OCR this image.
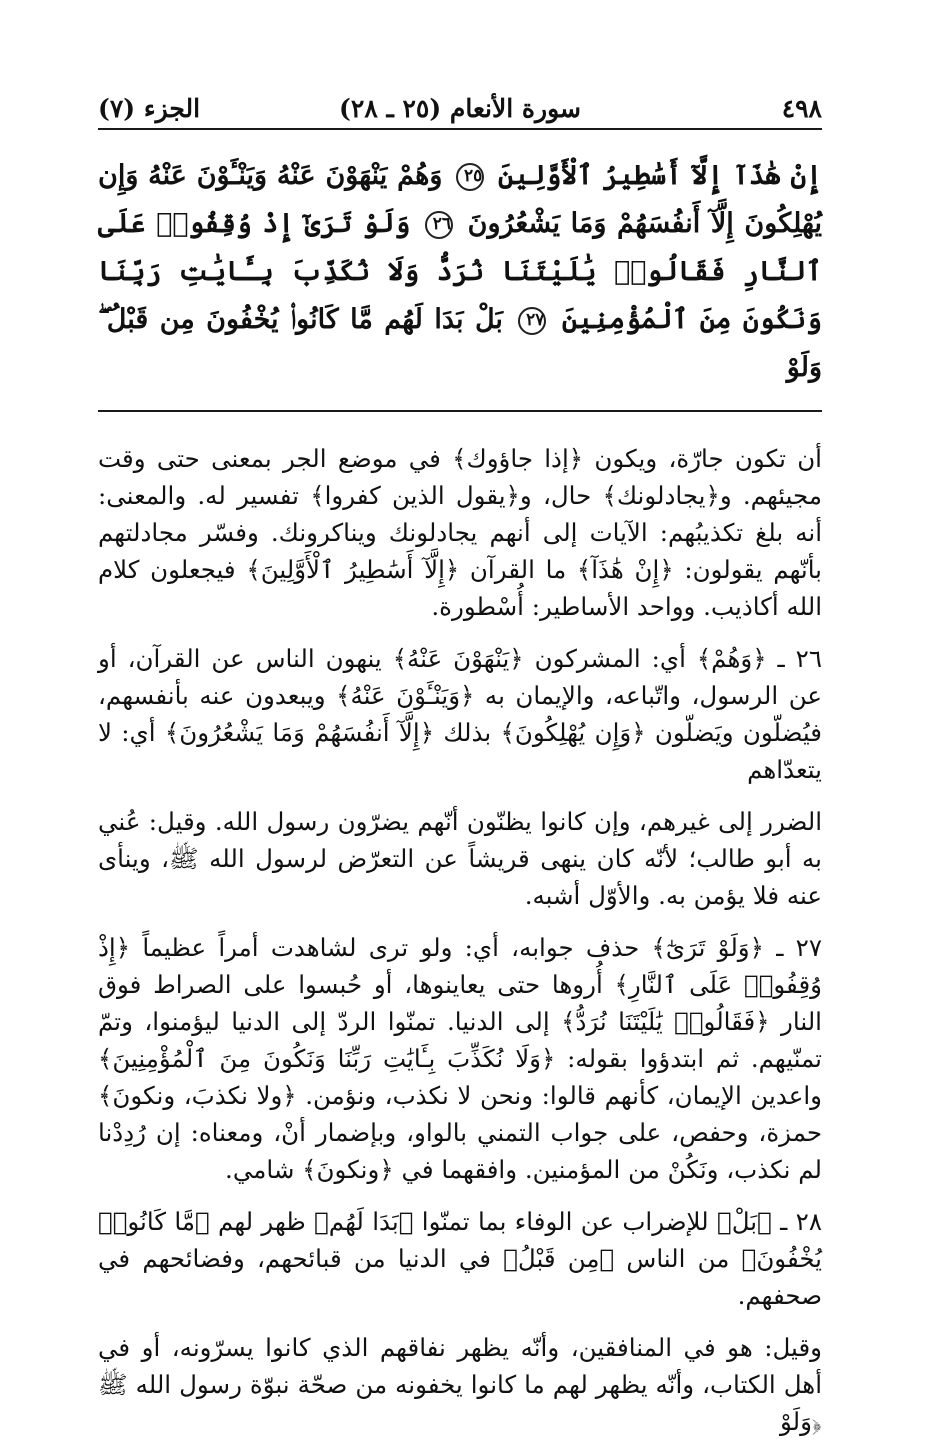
٤٩٨
سورة الأنعام (٢٥ ـ ٢٨)
الجزء (٧)
إِنْ هَٰذَآ إِلَّآ أَسَٰطِيرُ ٱلْأَوَّلِينَ ٢٥ وَهُمْ يَنْهَوْنَ عَنْهُ وَيَنْـَٔوْنَ عَنْهُ وَإِن يُهْلِكُونَ إِلَّآ أَنفُسَهُمْ وَمَا يَشْعُرُونَ ٢٦ وَلَوْ تَرَىٰٓ إِذْ وُقِفُوا۟ عَلَى ٱلنَّارِ فَقَالُوا۟ يَٰلَيْتَنَا نُرَدُّ وَلَا نُكَذِّبَ بِـَٔايَٰتِ رَبِّنَا وَنَكُونَ مِنَ ٱلْمُؤْمِنِينَ ٢٧ بَلْ بَدَا لَهُم مَّا كَانُوا۟ يُخْفُونَ مِن قَبْلُ ۖ وَلَوْ

أن تكون جارّة، ويكون ﴿إذا جاؤوك﴾ في موضع الجر بمعنى حتى وقت مجيئهم. و﴿يجادلونك﴾ حال، و﴿يقول الذين كفروا﴾ تفسير له. والمعنى: أنه بلغ تكذيبُهم: الآيات إلى أنهم يجادلونك ويناكرونك. وفسّر مجادلتهم بأنّهم يقولون: ﴿إِنْ هَٰذَآ﴾ ما القرآن ﴿إِلَّآ أَسَٰطِيرُ ٱلْأَوَّلِينَ﴾ فيجعلون كلام الله أكاذيب. وواحد الأساطير: أُسْطورة.

٢٦ ـ ﴿وَهُمْ﴾ أي: المشركون ﴿يَنْهَوْنَ عَنْهُ﴾ ينهون الناس عن القرآن، أو عن الرسول، واتّباعه، والإيمان به ﴿وَيَنْـَٔوْنَ عَنْهُ﴾ ويبعدون عنه بأنفسهم، فيُضلّون ويَضلّون ﴿وَإِن يُهْلِكُونَ﴾ بذلك ﴿إِلَّآ أَنفُسَهُمْ وَمَا يَشْعُرُونَ﴾ أي: لا يتعدّاهم

الضرر إلى غيرهم، وإن كانوا يظنّون أنّهم يضرّون رسول الله. وقيل: عُني به أبو طالب؛ لأنّه كان ينهى قريشاً عن التعرّض لرسول الله ﷺ، وينأى عنه فلا يؤمن به. والأوّل أشبه.

٢٧ ـ ﴿وَلَوْ تَرَىٰٓ﴾ حذف جوابه، أي: ولو ترى لشاهدت أمراً عظيماً ﴿إِذْ وُقِفُوا۟ عَلَى ٱلنَّارِ﴾ أُروها حتى يعاينوها، أو حُبسوا على الصراط فوق النار ﴿فَقَالُوا۟ يَٰلَيْتَنَا نُرَدُّ﴾ إلى الدنيا. تمنّوا الردّ إلى الدنيا ليؤمنوا، وتمّ تمنّيهم. ثم ابتدؤوا بقوله: ﴿وَلَا نُكَذِّبَ بِـَٔايَٰتِ رَبِّنَا وَنَكُونَ مِنَ ٱلْمُؤْمِنِينَ﴾ واعدين الإيمان، كأنهم قالوا: ونحن لا نكذب، ونؤمن. ﴿ولا نكذبَ، ونكونَ﴾ حمزة، وحفص، على جواب التمني بالواو، وبإضمار أنْ، ومعناه: إن رُدِدْنا لم نكذب، ونَكُنْ من المؤمنين. وافقهما في ﴿ونكونَ﴾ شامي.

٢٨ ـ ﴿بَلْ﴾ للإضراب عن الوفاء بما تمنّوا ﴿بَدَا لَهُم﴾ ظهر لهم ﴿مَّا كَانُوا۟ يُخْفُونَ﴾ من الناس ﴿مِن قَبْلُ﴾ في الدنيا من قبائحهم، وفضائحهم في صحفهم.

وقيل: هو في المنافقين، وأنّه يظهر نفاقهم الذي كانوا يسرّونه، أو في أهل الكتاب، وأنّه يظهر لهم ما كانوا يخفونه من صحّة نبوّة رسول الله ﷺ ﴿وَلَوْ
